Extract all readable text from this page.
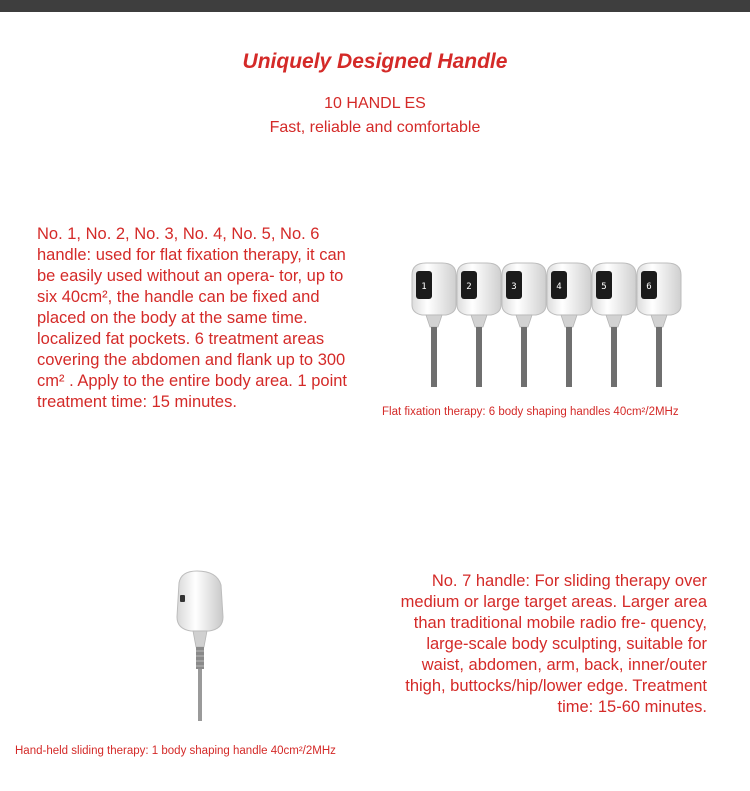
Uniquely Designed Handle
10 HANDL ES
Fast, reliable and comfortable
No. 1, No. 2, No. 3, No. 4, No. 5, No. 6 handle: used for flat fixation therapy, it can be easily used without an opera- tor, up to six 40cm², the handle can be fixed and placed on the body at the same time. localized fat pockets. 6 treatment areas covering the abdomen and flank up to 300 cm² . Apply to the entire body area. 1 point treatment time: 15 minutes.
1	2	3	4	5	6
Flat fixation therapy: 6 body shaping handles 40cm²/2MHz
No. 7 handle: For sliding therapy over medium or large target areas. Larger area than traditional mobile radio fre- quency, large-scale body sculpting, suitable for waist, abdomen, arm, back, inner/outer thigh, buttocks/hip/lower edge. Treatment time: 15-60 minutes.
Hand-held sliding therapy: 1 body shaping handle 40cm²/2MHz
